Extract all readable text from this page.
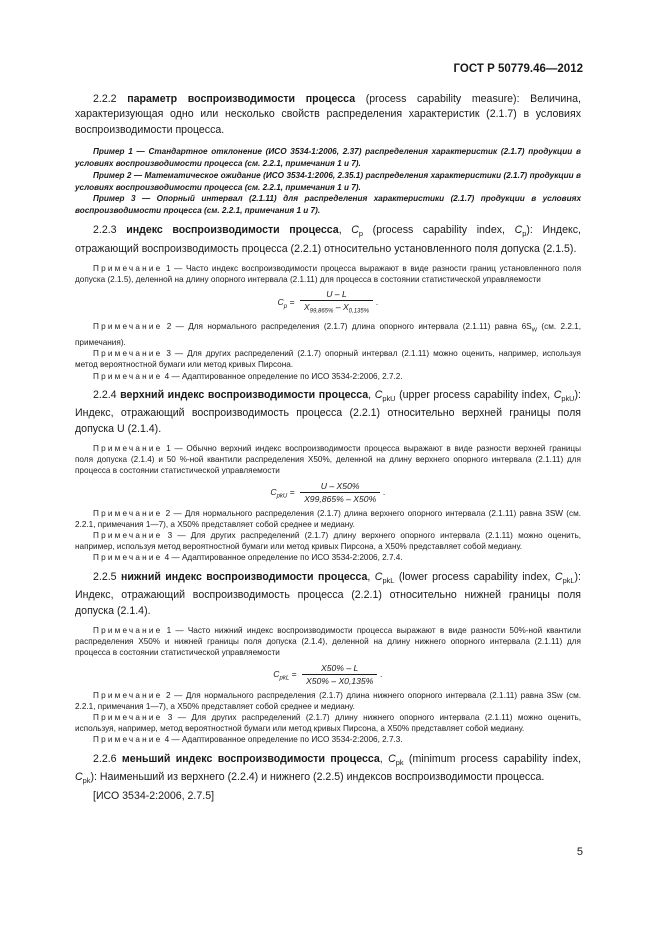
ГОСТ Р 50779.46—2012

2.2.2 параметр воспроизводимости процесса (process capability measure): Величина, характеризующая одно или несколько свойств распределения характеристик (2.1.7) в условиях воспроизводимости процесса.

Пример 1 — Стандартное отклонение (ИСО 3534-1:2006, 2.37) распределения характеристик (2.1.7) продукции в условиях воспроизводимости процесса (см. 2.2.1, примечания 1 и 7).

Пример 2 — Математическое ожидание (ИСО 3534-1:2006, 2.35.1) распределения характеристики (2.1.7) продукции в условиях воспроизводимости процесса (см. 2.2.1, примечания 1 и 7).

Пример 3 — Опорный интервал (2.1.11) для распределения характеристики (2.1.7) продукции в условиях воспроизводимости процесса (см. 2.2.1, примечания 1 и 7).

2.2.3 индекс воспроизводимости процесса, $C_p$ (process capability index, $C_p$): Индекс, отражающий воспроизводимость процесса (2.2.1) относительно установленного поля допуска (2.1.5).

Примечание 1 — Часто индекс воспроизводимости процесса выражают в виде разности границ установленного поля допуска (2.1.5), деленной на длину опорного интервала (2.1.11) для процесса в состоянии статистической управляемости

$C_p = \frac{U - L}{X_{99,865\%} - X_{0,135\%}}$ .

Примечание 2 — Для нормального распределения (2.1.7) длина опорного интервала (2.1.11) равна $6S_W$ (см. 2.2.1, примечания).

Примечание 3 — Для других распределений (2.1.7) опорный интервал (2.1.11) можно оценить, например, используя метод вероятностной бумаги или метод кривых Пирсона.

Примечание 4 — Адаптированное определение по ИСО 3534-2:2006, 2.7.2.

2.2.4 верхний индекс воспроизводимости процесса, $C_{pkU}$ (upper process capability index, $C_{pkU}$): Индекс, отражающий воспроизводимость процесса (2.2.1) относительно верхней границы поля допуска U (2.1.4).

Примечание 1 — Обычно верхний индекс воспроизводимости процесса выражают в виде разности верхней границы поля допуска (2.1.4) и 50 %-ной квантили распределения X50%, деленной на длину верхнего опорного интервала (2.1.11) для процесса в состоянии статистической управляемости

$C_{pkU} = \frac{U - X50\%}{X99,865\% - X50\%}$ .

Примечание 2 — Для нормального распределения (2.1.7) длина верхнего опорного интервала (2.1.11) равна 3SW (см. 2.2.1, примечания 1—7), а X50% представляет собой среднее и медиану.

Примечание 3 — Для других распределений (2.1.7) длину верхнего опорного интервала (2.1.11) можно оценить, например, используя метод вероятностной бумаги или метод кривых Пирсона, а X50% представляет собой медиану.

Примечание 4 — Адаптированное определение по ИСО 3534-2:2006, 2.7.4.

2.2.5 нижний индекс воспроизводимости процесса, $C_{pkL}$ (lower process capability index, $C_{pkL}$): Индекс, отражающий воспроизводимость процесса (2.2.1) относительно нижней границы поля допуска (2.1.4).

Примечание 1 — Часто нижний индекс воспроизводимости процесса выражают в виде разности 50%-ной квантили распределения X50% и нижней границы поля допуска (2.1.4), деленной на длину нижнего опорного интервала (2.1.11) для процесса в состоянии статистической управляемости

$C_{pkL} = \frac{X50\% - L}{X50\% - X0,135\%}$ .

Примечание 2 — Для нормального распределения (2.1.7) длина нижнего опорного интервала (2.1.11) равна 3Sw (см. 2.2.1, примечания 1—7), а X50% представляет собой среднее и медиану.

Примечание 3 — Для других распределений (2.1.7) длину нижнего опорного интервала (2.1.11) можно оценить, используя, например, метод вероятностной бумаги или метод кривых Пирсона, а X50% представляет собой медиану.

Примечание 4 — Адаптированное определение по ИСО 3534-2:2006, 2.7.3.

2.2.6 меньший индекс воспроизводимости процесса, $C_{pk}$ (minimum process capability index, $C_{pk}$): Наименьший из верхнего (2.2.4) и нижнего (2.2.5) индексов воспроизводимости процесса.

[ИСО 3534-2:2006, 2.7.5]

5
